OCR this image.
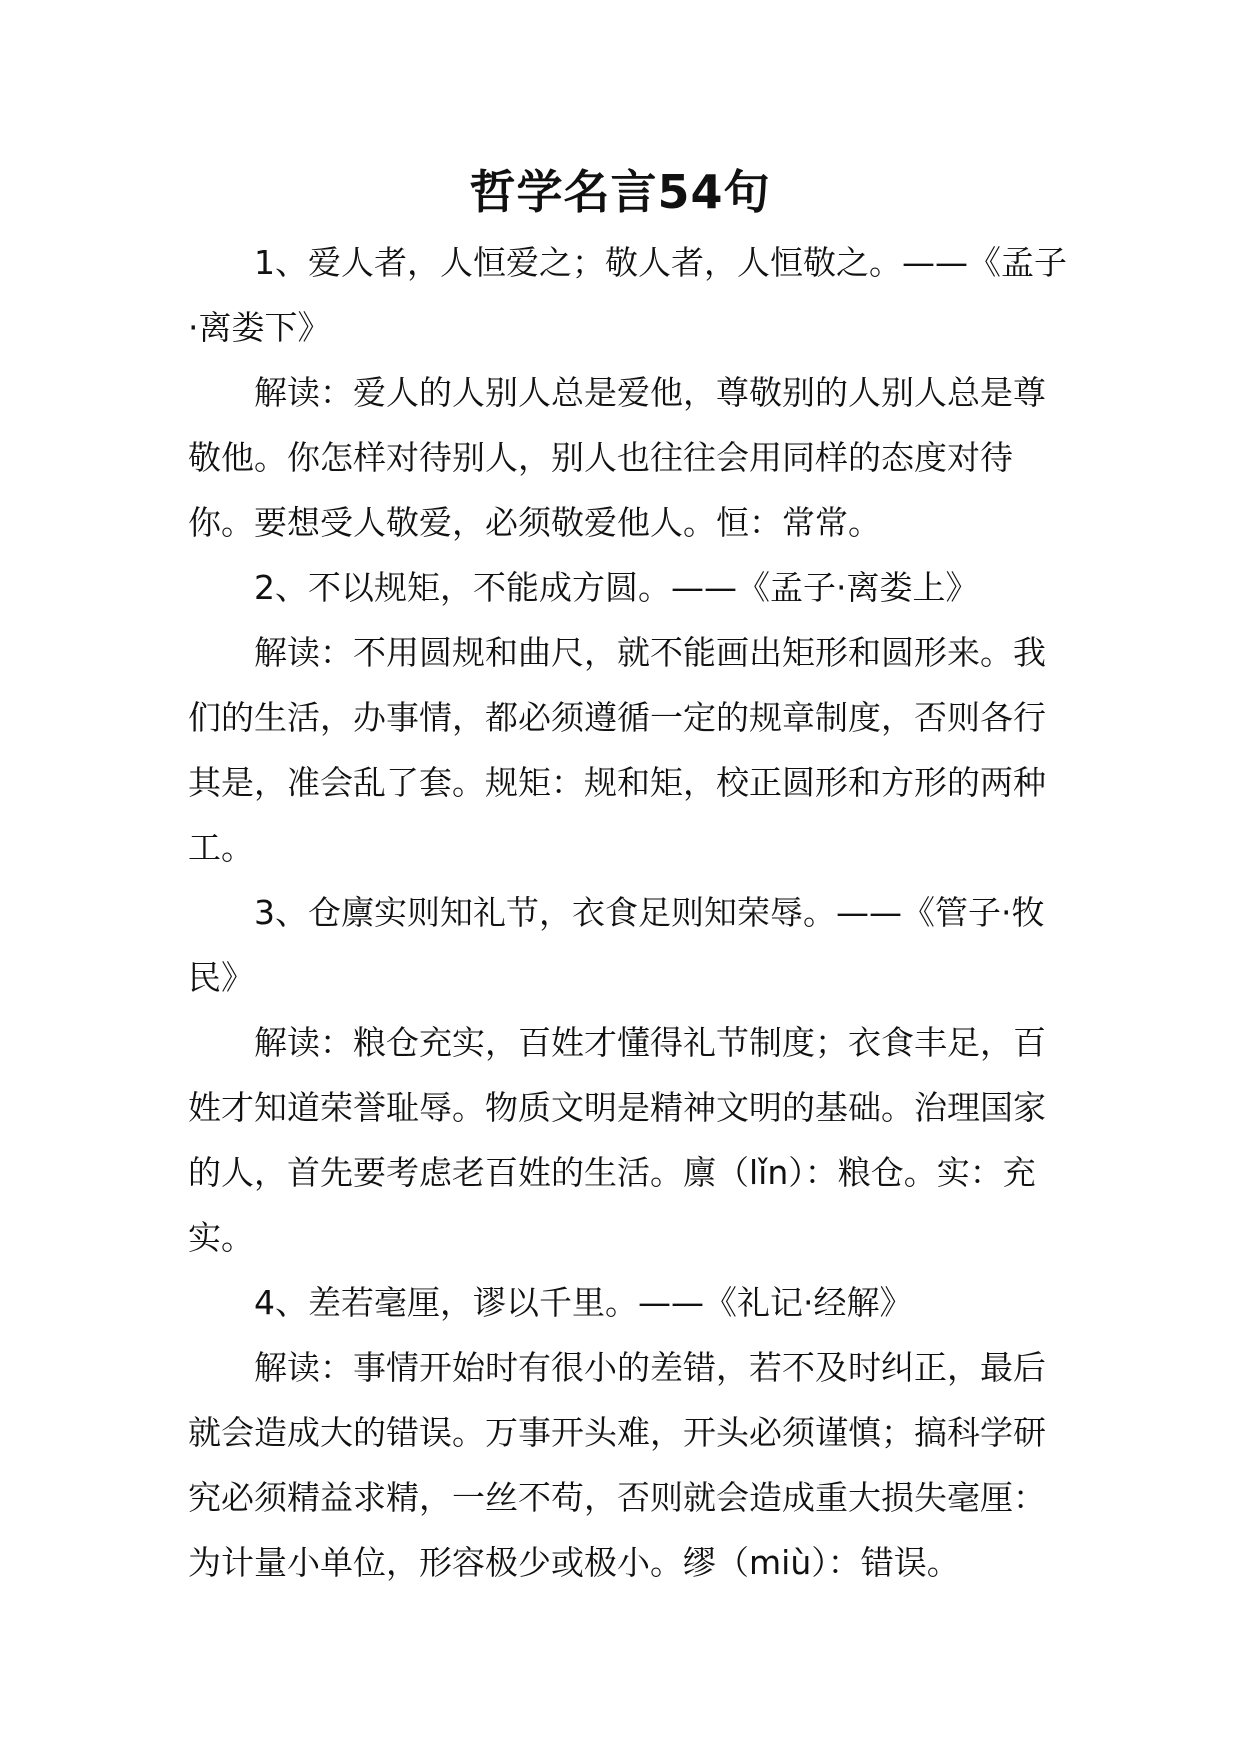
哲学名言54句

1、爱人者，人恒爱之；敬人者，人恒敬之。——《孟子·离娄下》

解读：爱人的人别人总是爱他，尊敬别的人别人总是尊敬他。你怎样对待别人，别人也往往会用同样的态度对待你。要想受人敬爱，必须敬爱他人。恒：常常。

2、不以规矩，不能成方圆。——《孟子·离娄上》

解读：不用圆规和曲尺，就不能画出矩形和圆形来。我们的生活，办事情，都必须遵循一定的规章制度，否则各行其是，准会乱了套。规矩：规和矩，校正圆形和方形的两种工。

3、仓廪实则知礼节，衣食足则知荣辱。——《管子·牧民》

解读：粮仓充实，百姓才懂得礼节制度；衣食丰足，百姓才知道荣誉耻辱。物质文明是精神文明的基础。治理国家的人，首先要考虑老百姓的生活。廪（lǐn）：粮仓。实：充实。

4、差若毫厘，谬以千里。——《礼记·经解》

解读：事情开始时有很小的差错，若不及时纠正，最后就会造成大的错误。万事开头难，开头必须谨慎；搞科学研究必须精益求精，一丝不苟，否则就会造成重大损失毫厘：为计量小单位，形容极少或极小。缪（miù）：错误。
